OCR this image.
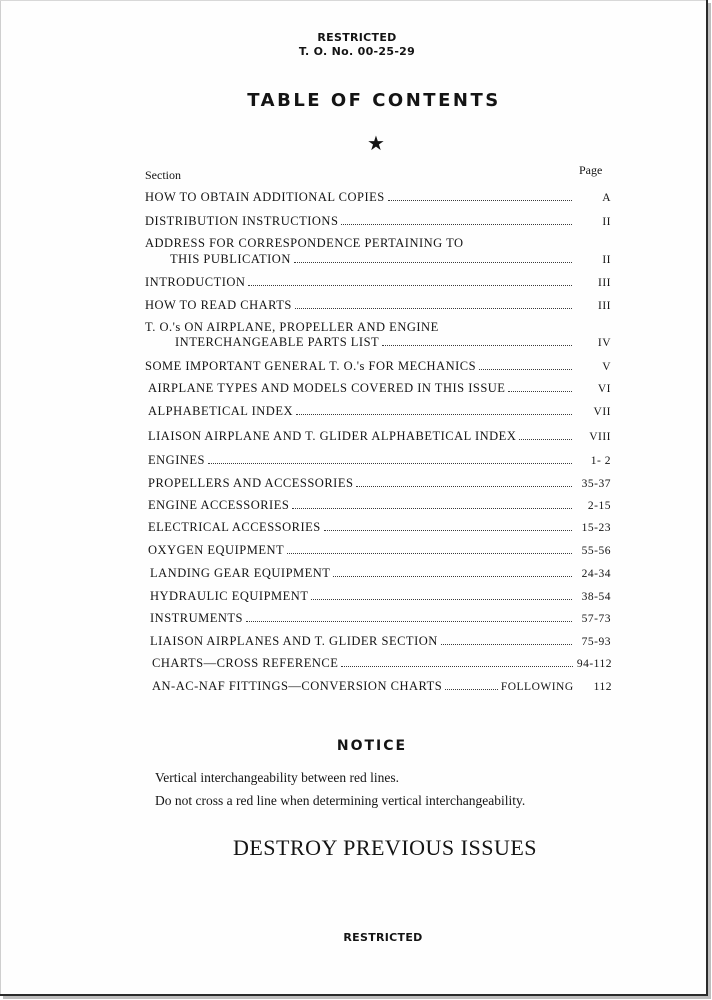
RESTRICTED
T. O. No. 00-25-29
TABLE OF CONTENTS
★
Section	Page
HOW TO OBTAIN ADDITIONAL COPIES	A
DISTRIBUTION INSTRUCTIONS	II
ADDRESS FOR CORRESPONDENCE PERTAINING TO
THIS PUBLICATION	II
INTRODUCTION	III
HOW TO READ CHARTS	III
T. O.'s ON AIRPLANE, PROPELLER AND ENGINE
INTERCHANGEABLE PARTS LIST	IV
SOME IMPORTANT GENERAL T. O.'s FOR MECHANICS	V
AIRPLANE TYPES AND MODELS COVERED IN THIS ISSUE	VI
ALPHABETICAL INDEX	VII
LIAISON AIRPLANE AND T. GLIDER ALPHABETICAL INDEX	VIII
ENGINES	1- 2
PROPELLERS AND ACCESSORIES	35-37
ENGINE ACCESSORIES	2-15
ELECTRICAL ACCESSORIES	15-23
OXYGEN EQUIPMENT	55-56
LANDING GEAR EQUIPMENT	24-34
HYDRAULIC EQUIPMENT	38-54
INSTRUMENTS	57-73
LIAISON AIRPLANES AND T. GLIDER SECTION	75-93
CHARTS—CROSS REFERENCE	94-112
AN-AC-NAF FITTINGS—CONVERSION CHARTS	FOLLOWING 112
NOTICE
Vertical interchangeability between red lines.
Do not cross a red line when determining vertical interchangeability.
DESTROY PREVIOUS ISSUES
RESTRICTED
